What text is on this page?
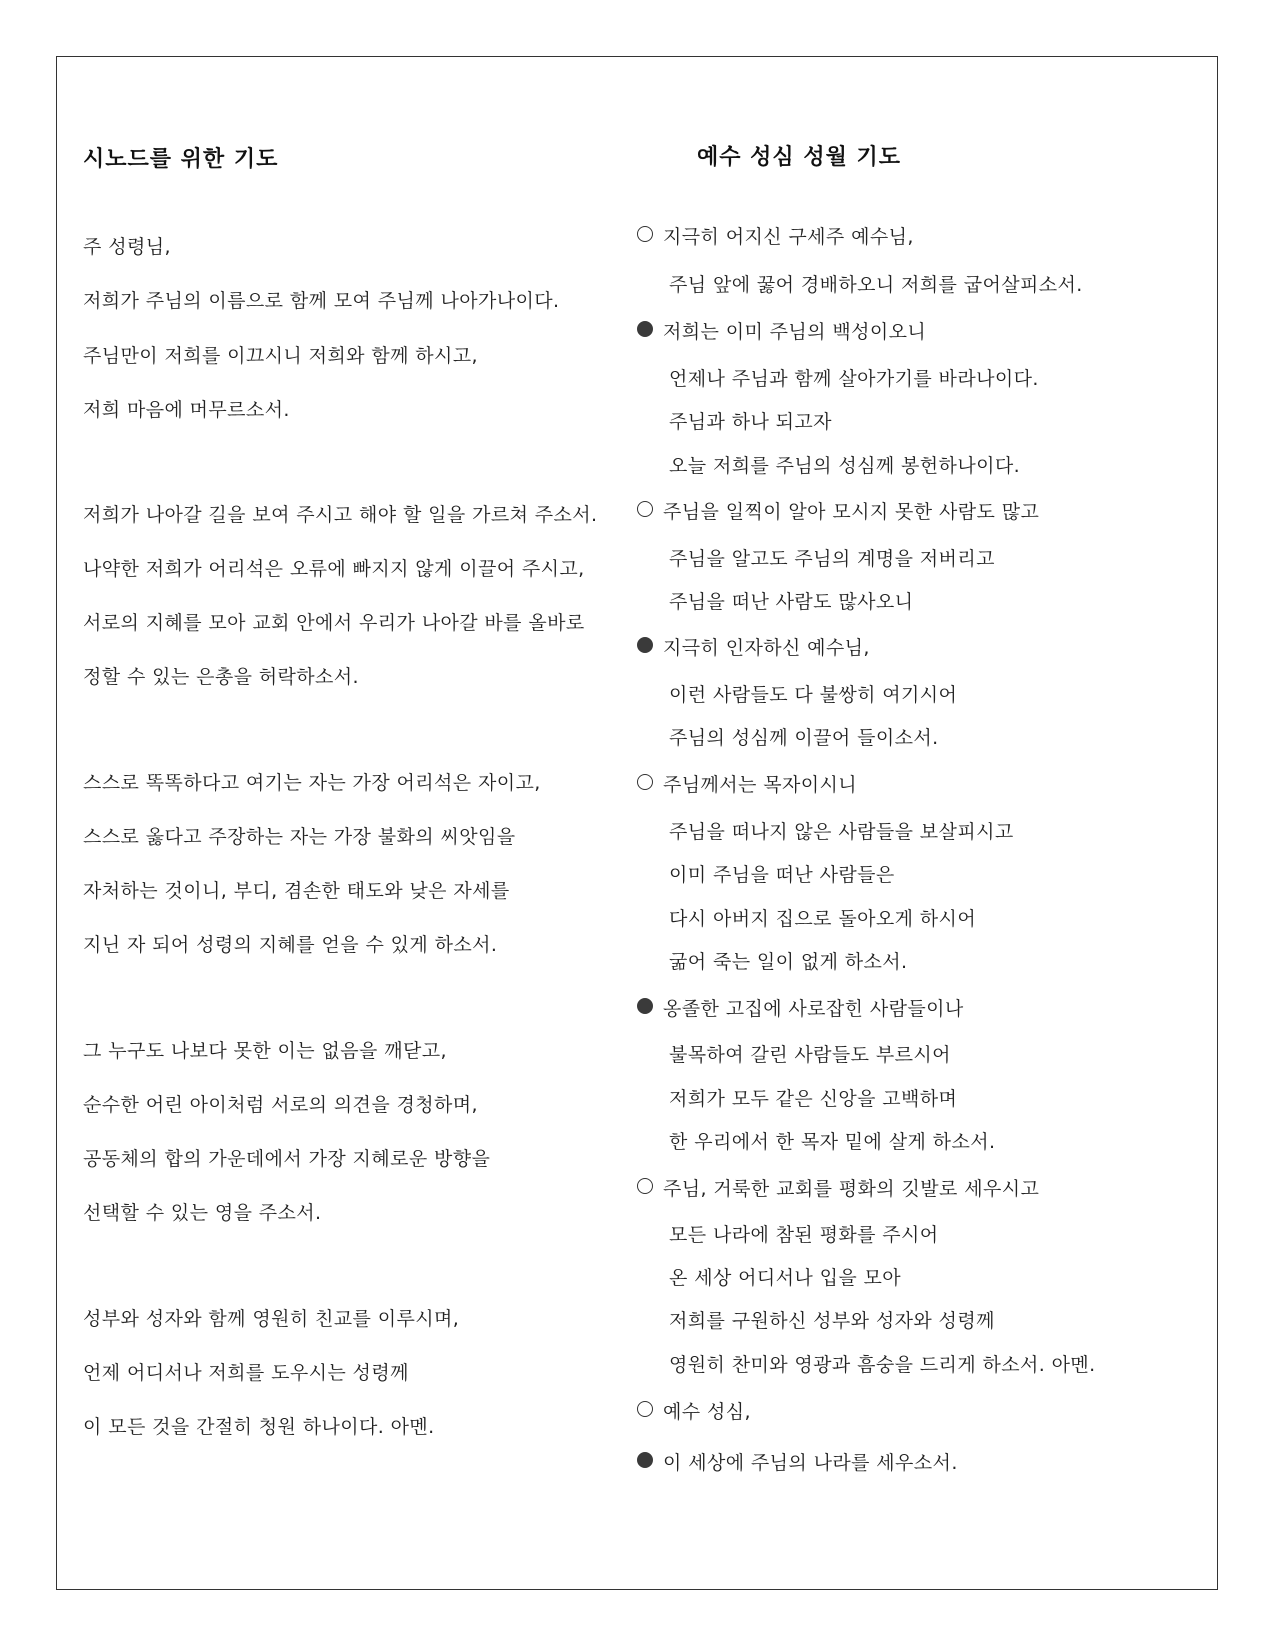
시노드를 위한 기도
주 성령님,
저희가 주님의 이름으로 함께 모여 주님께 나아가나이다.
주님만이 저희를 이끄시니 저희와 함께 하시고,
저희 마음에 머무르소서.
저희가 나아갈 길을 보여 주시고 해야 할 일을 가르쳐 주소서.
나약한 저희가 어리석은 오류에 빠지지 않게 이끌어 주시고,
서로의 지혜를 모아 교회 안에서 우리가 나아갈 바를 올바로
정할 수 있는 은총을 허락하소서.
스스로 똑똑하다고 여기는 자는 가장 어리석은 자이고,
스스로 옳다고 주장하는 자는 가장 불화의 씨앗임을
자처하는 것이니, 부디, 겸손한 태도와 낮은 자세를
지닌 자 되어 성령의 지혜를 얻을 수 있게 하소서.
그 누구도 나보다 못한 이는 없음을 깨닫고,
순수한 어린 아이처럼 서로의 의견을 경청하며,
공동체의 합의 가운데에서 가장 지혜로운 방향을
선택할 수 있는 영을 주소서.
성부와 성자와 함께 영원히 친교를 이루시며,
언제 어디서나 저희를 도우시는 성령께
이 모든 것을 간절히 청원 하나이다. 아멘.
예수 성심 성월 기도
지극히 어지신 구세주 예수님,
주님 앞에 꿇어 경배하오니 저희를 굽어살피소서.
저희는 이미 주님의 백성이오니
언제나 주님과 함께 살아가기를 바라나이다.
주님과 하나 되고자
오늘 저희를 주님의 성심께 봉헌하나이다.
주님을 일찍이 알아 모시지 못한 사람도 많고
주님을 알고도 주님의 계명을 저버리고
주님을 떠난 사람도 많사오니
지극히 인자하신 예수님,
이런 사람들도 다 불쌍히 여기시어
주님의 성심께 이끌어 들이소서.
주님께서는 목자이시니
주님을 떠나지 않은 사람들을 보살피시고
이미 주님을 떠난 사람들은
다시 아버지 집으로 돌아오게 하시어
굶어 죽는 일이 없게 하소서.
옹졸한 고집에 사로잡힌 사람들이나
불목하여 갈린 사람들도 부르시어
저희가 모두 같은 신앙을 고백하며
한 우리에서 한 목자 밑에 살게 하소서.
주님, 거룩한 교회를 평화의 깃발로 세우시고
모든 나라에 참된 평화를 주시어
온 세상 어디서나 입을 모아
저희를 구원하신 성부와 성자와 성령께
영원히 찬미와 영광과 흠숭을 드리게 하소서. 아멘.
예수 성심,
이 세상에 주님의 나라를 세우소서.
